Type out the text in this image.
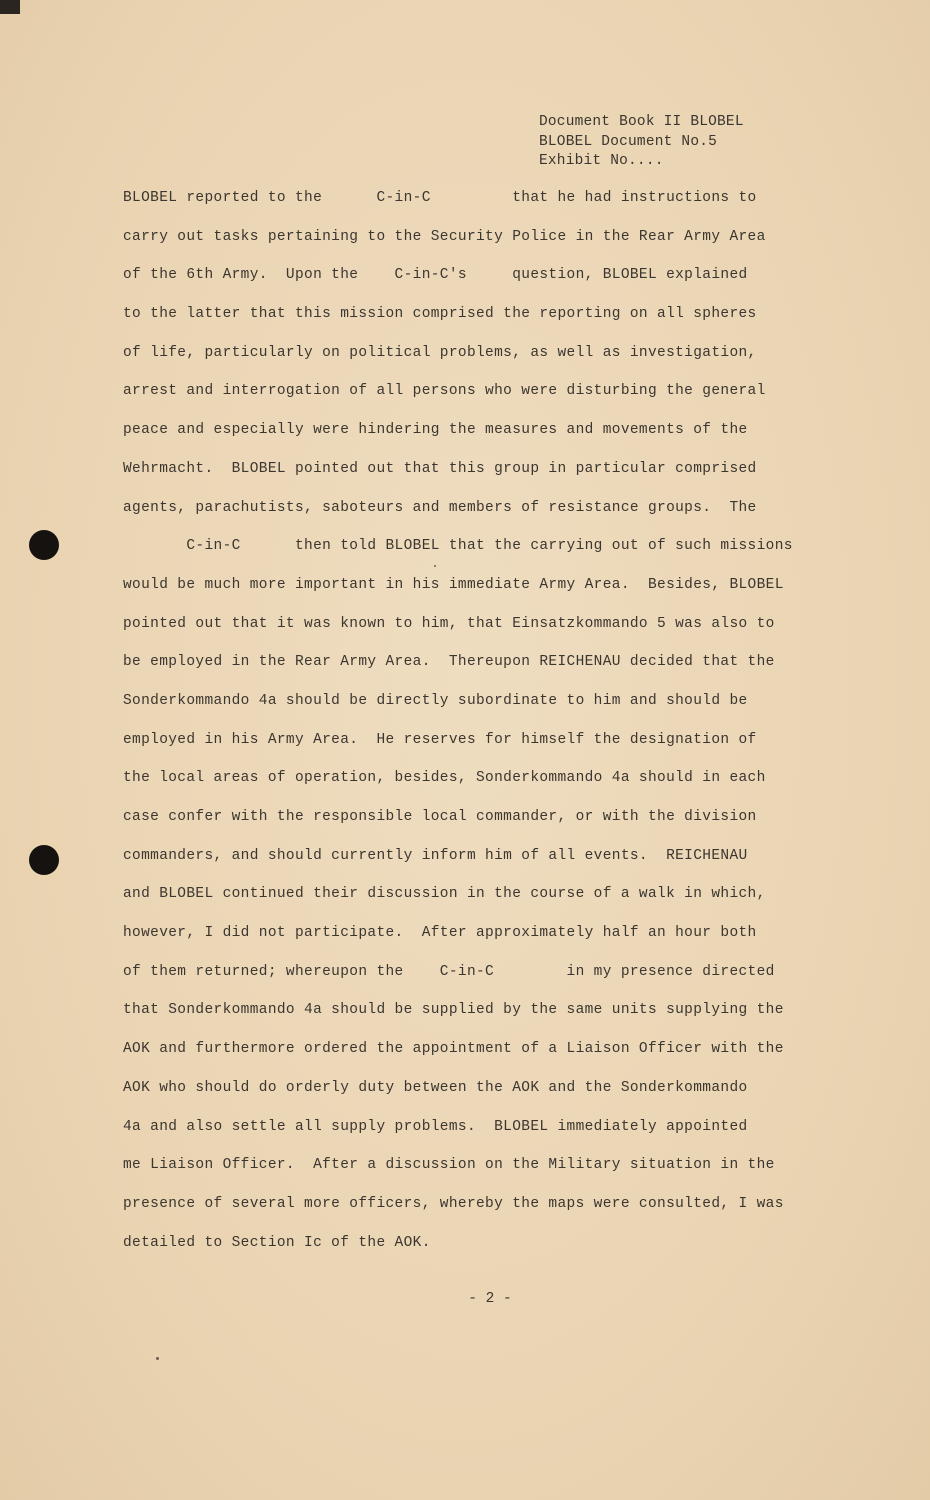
Document Book II BLOBEL
BLOBEL Document No.5
Exhibit No....
BLOBEL reported to the      C-in-C         that he had instructions to
carry out tasks pertaining to the Security Police in the Rear Army Area
of the 6th Army.  Upon the    C-in-C's     question, BLOBEL explained
to the latter that this mission comprised the reporting on all spheres
of life, particularly on political problems, as well as investigation,
arrest and interrogation of all persons who were disturbing the general
peace and especially were hindering the measures and movements of the
Wehrmacht.  BLOBEL pointed out that this group in particular comprised
agents, parachutists, saboteurs and members of resistance groups.  The
C-in-C      then told BLOBEL that the carrying out of such missions
would be much more important in his immediate Army Area.  Besides, BLOBEL
pointed out that it was known to him, that Einsatzkommando 5 was also to
be employed in the Rear Army Area.  Thereupon REICHENAU decided that the
Sonderkommando 4a should be directly subordinate to him and should be
employed in his Army Area.  He reserves for himself the designation of
the local areas of operation, besides, Sonderkommando 4a should in each
case confer with the responsible local commander, or with the division
commanders, and should currently inform him of all events.  REICHENAU
and BLOBEL continued their discussion in the course of a walk in which,
however, I did not participate.  After approximately half an hour both
of them returned; whereupon the    C-in-C        in my presence directed
that Sonderkommando 4a should be supplied by the same units supplying the
AOK and furthermore ordered the appointment of a Liaison Officer with the
AOK who should do orderly duty between the AOK and the Sonderkommando
4a and also settle all supply problems.  BLOBEL immediately appointed
me Liaison Officer.  After a discussion on the Military situation in the
presence of several more officers, whereby the maps were consulted, I was
detailed to Section Ic of the AOK.
- 2 -
